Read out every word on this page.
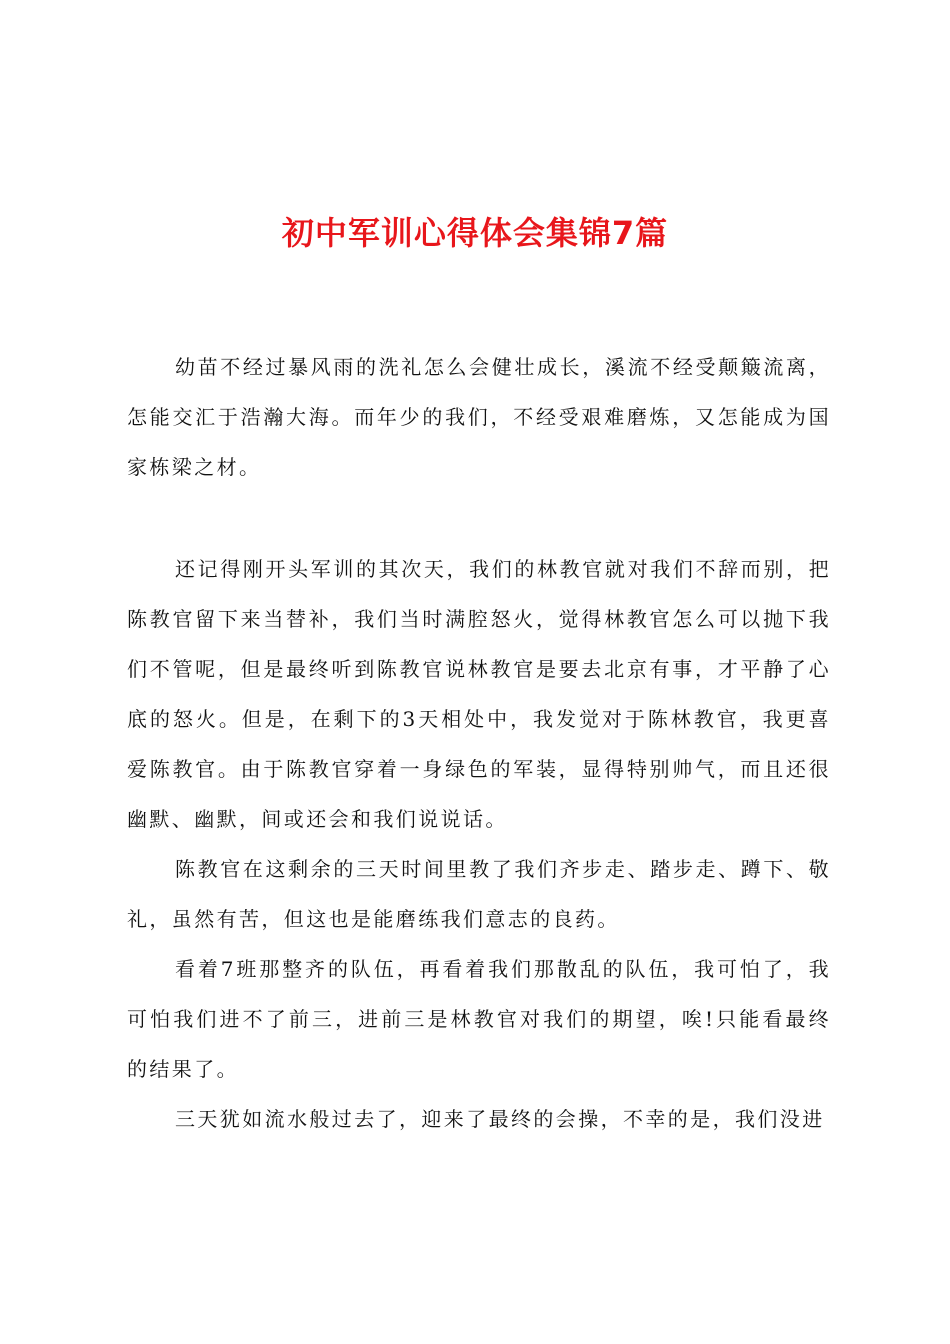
初中军训心得体会集锦7篇

幼苗不经过暴风雨的洗礼怎么会健壮成长，溪流不经受颠簸流离，怎能交汇于浩瀚大海。而年少的我们，不经受艰难磨炼，又怎能成为国家栋梁之材。

还记得刚开头军训的其次天，我们的林教官就对我们不辞而别，把陈教官留下来当替补，我们当时满腔怒火，觉得林教官怎么可以抛下我们不管呢，但是最终听到陈教官说林教官是要去北京有事，才平静了心底的怒火。但是，在剩下的3天相处中，我发觉对于陈林教官，我更喜爱陈教官。由于陈教官穿着一身绿色的军装，显得特别帅气，而且还很幽默、幽默，间或还会和我们说说话。

陈教官在这剩余的三天时间里教了我们齐步走、踏步走、蹲下、敬礼，虽然有苦，但这也是能磨练我们意志的良药。

看着7班那整齐的队伍，再看着我们那散乱的队伍，我可怕了，我可怕我们进不了前三，进前三是林教官对我们的期望，唉!只能看最终的结果了。

三天犹如流水般过去了，迎来了最终的会操，不幸的是，我们没进
